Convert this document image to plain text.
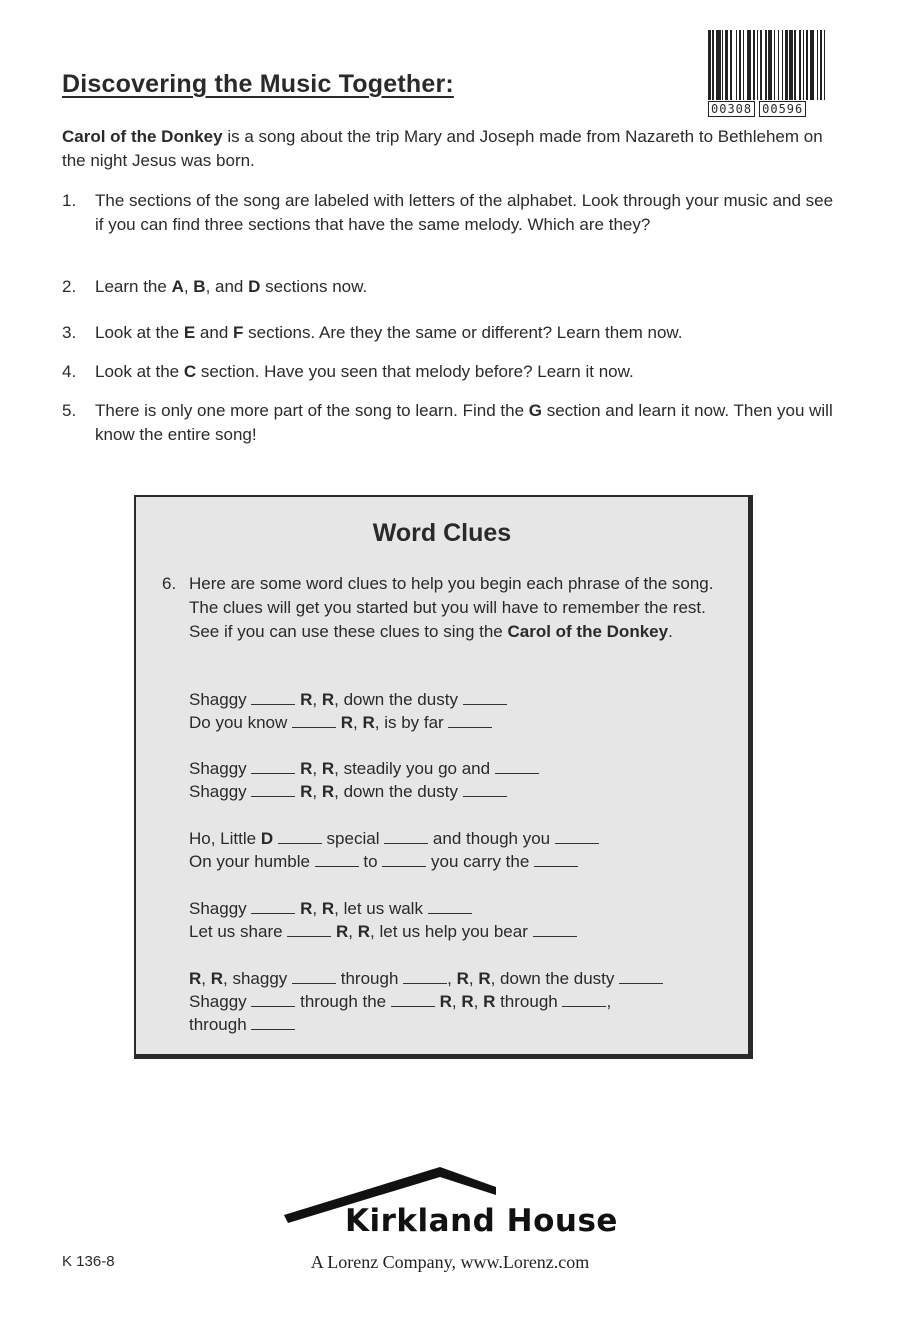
Discovering the Music Together:
00308 00596
Carol of the Donkey is a song about the trip Mary and Joseph made from Nazareth to Bethlehem on the night Jesus was born.
1. The sections of the song are labeled with letters of the alphabet. Look through your music and see if you can find three sections that have the same melody. Which are they?
2. Learn the A, B, and D sections now.
3. Look at the E and F sections. Are they the same or different? Learn them now.
4. Look at the C section. Have you seen that melody before? Learn it now.
5. There is only one more part of the song to learn. Find the G section and learn it now. Then you will know the entire song!
Word Clues
6. Here are some word clues to help you begin each phrase of the song. The clues will get you started but you will have to remember the rest. See if you can use these clues to sing the Carol of the Donkey.
Shaggy	R, R, down the dusty
Do you know	R, R, is by far
Shaggy	R, R, steadily you go and
Shaggy	R, R, down the dusty
Ho, Little D	special	and though you
On your humble	to	you carry the
Shaggy	R, R, let us walk
Let us share	R, R, let us help you bear
R, R, shaggy	through	, R, R, down the dusty
Shaggy	through the	R, R, R through	,
through
Kirkland House
A Lorenz Company, www.Lorenz.com
K 136-8
